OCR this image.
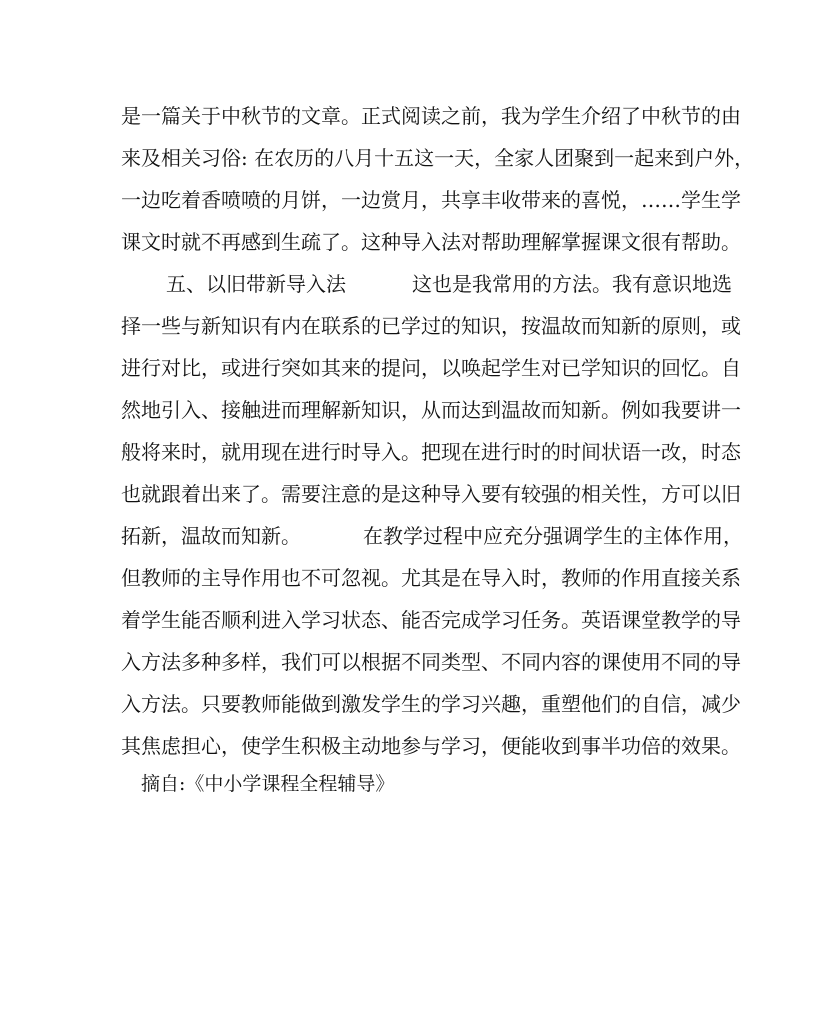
是一篇关于中秋节的文章。正式阅读之前，我为学生介绍了中秋节的由
来及相关习俗: 在农历的八月十五这一天，全家人团聚到一起来到户外，
一边吃着香喷喷的月饼，一边赏月，共享丰收带来的喜悦，……学生学
课文时就不再感到生疏了。这种导入法对帮助理解掌握课文很有帮助。
五、以旧带新导入法	这也是我常用的方法。我有意识地选
择一些与新知识有内在联系的已学过的知识，按温故而知新的原则，或
进行对比，或进行突如其来的提问，以唤起学生对已学知识的回忆。自
然地引入、接触进而理解新知识，从而达到温故而知新。例如我要讲一
般将来时，就用现在进行时导入。把现在进行时的时间状语一改，时态
也就跟着出来了。需要注意的是这种导入要有较强的相关性，方可以旧
拓新，温故而知新。	在教学过程中应充分强调学生的主体作用，
但教师的主导作用也不可忽视。尤其是在导入时，教师的作用直接关系
着学生能否顺利进入学习状态、能否完成学习任务。英语课堂教学的导
入方法多种多样，我们可以根据不同类型、不同内容的课使用不同的导
入方法。只要教师能做到激发学生的学习兴趣，重塑他们的自信，减少
其焦虑担心，使学生积极主动地参与学习，便能收到事半功倍的效果。
摘自:《中小学课程全程辅导》
